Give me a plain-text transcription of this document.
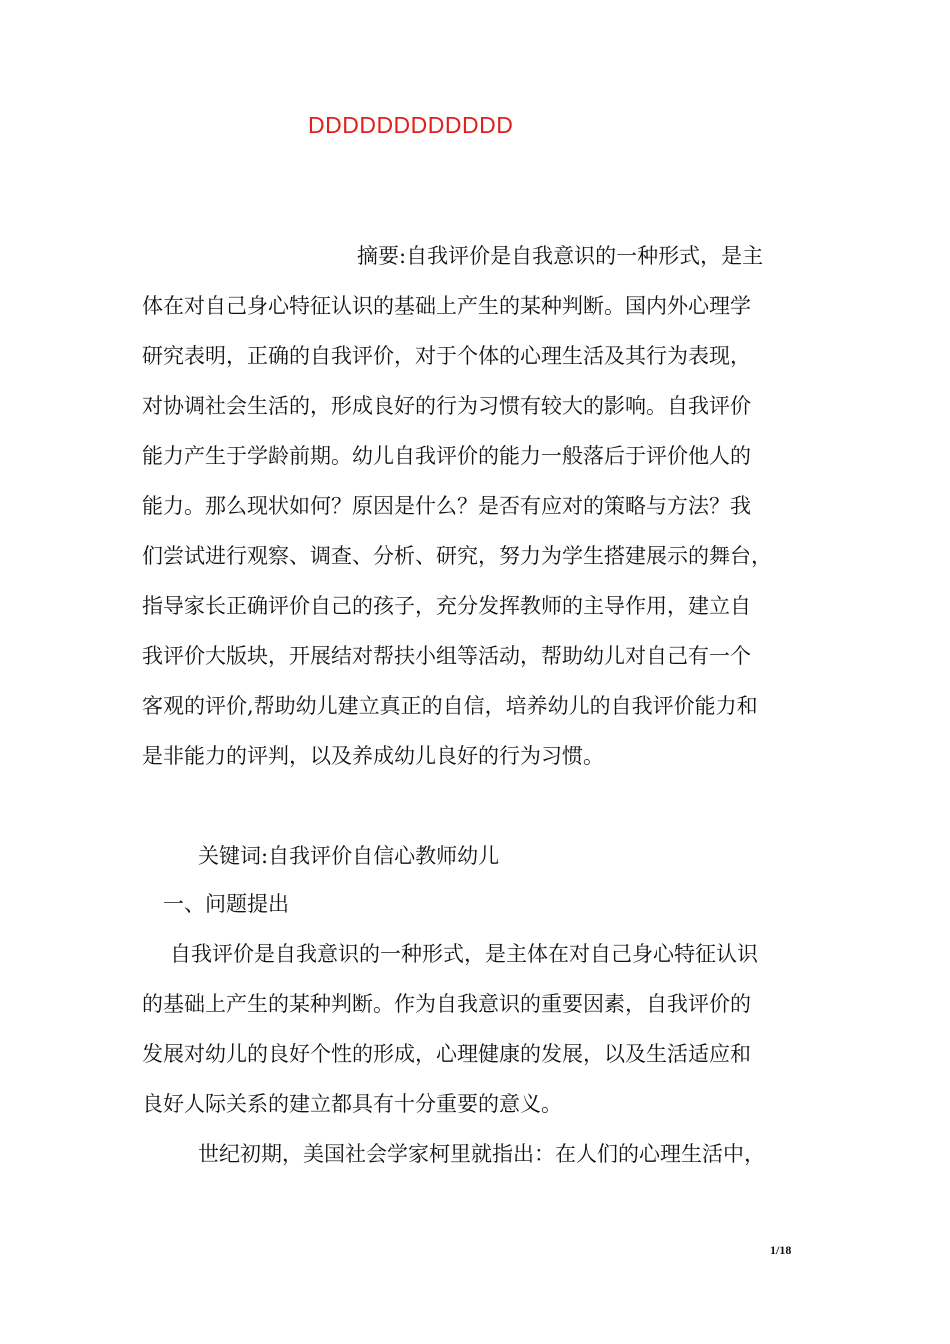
DDDDDDDDDDDD
摘要:自我评价是自我意识的一种形式，是主
体在对自己身心特征认识的基础上产生的某种判断。国内外心理学
研究表明，正确的自我评价，对于个体的心理生活及其行为表现，
对协调社会生活的，形成良好的行为习惯有较大的影响。自我评价
能力产生于学龄前期。幼儿自我评价的能力一般落后于评价他人的
能力。那么现状如何？原因是什么？是否有应对的策略与方法？我
们尝试进行观察、调查、分析、研究，努力为学生搭建展示的舞台，
指导家长正确评价自己的孩子，充分发挥教师的主导作用，建立自
我评价大版块，开展结对帮扶小组等活动，帮助幼儿对自己有一个
客观的评价,帮助幼儿建立真正的自信，培养幼儿的自我评价能力和
是非能力的评判，以及养成幼儿良好的行为习惯。
关键词:自我评价自信心教师幼儿
一、问题提出
自我评价是自我意识的一种形式，是主体在对自己身心特征认识
的基础上产生的某种判断。作为自我意识的重要因素，自我评价的
发展对幼儿的良好个性的形成，心理健康的发展，以及生活适应和
良好人际关系的建立都具有十分重要的意义。
世纪初期，美国社会学家柯里就指出：在人们的心理生活中，
1/18
